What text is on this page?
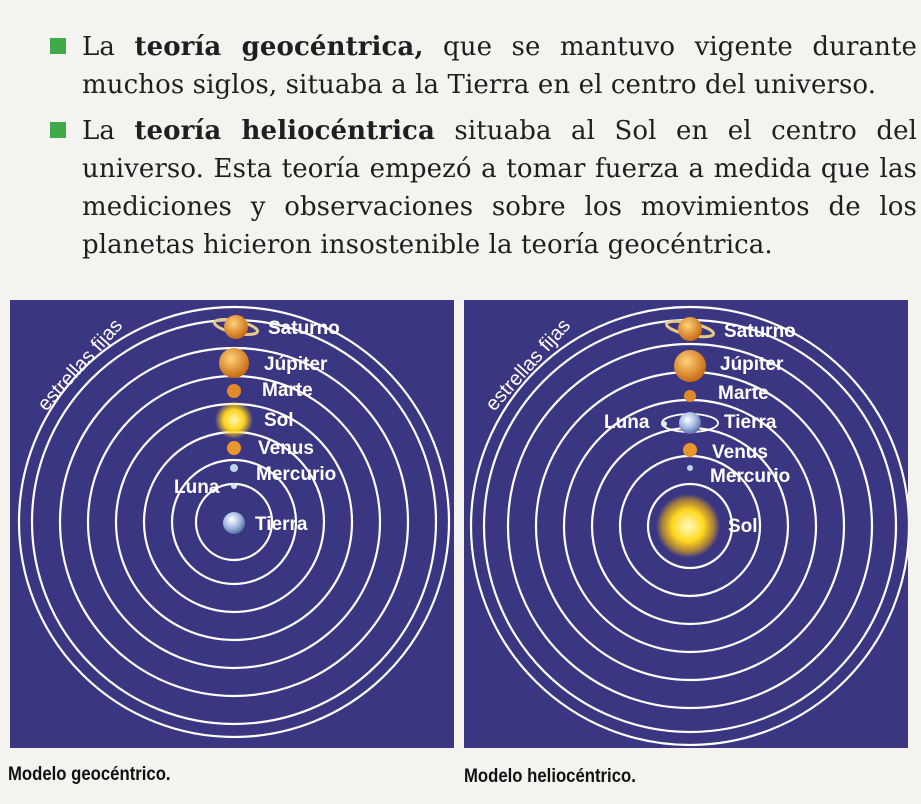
La teoría geocéntrica, que se mantuvo vigente durante muchos siglos, situaba a la Tierra en el centro del universo.
La teoría heliocéntrica situaba al Sol en el centro del universo. Esta teoría empezó a tomar fuerza a medida que las mediciones y observaciones sobre los movimientos de los planetas hicieron insostenible la teoría geocéntrica.
estrellas fijas	Saturno
Júpiter
Marte
Sol
Venus
Mercurio
Luna
Tierra
estrellas fijas	Saturno
Júpiter
Marte
Luna	Tierra
Venus
Mercurio
Sol
Modelo geocéntrico.	Modelo heliocéntrico.
